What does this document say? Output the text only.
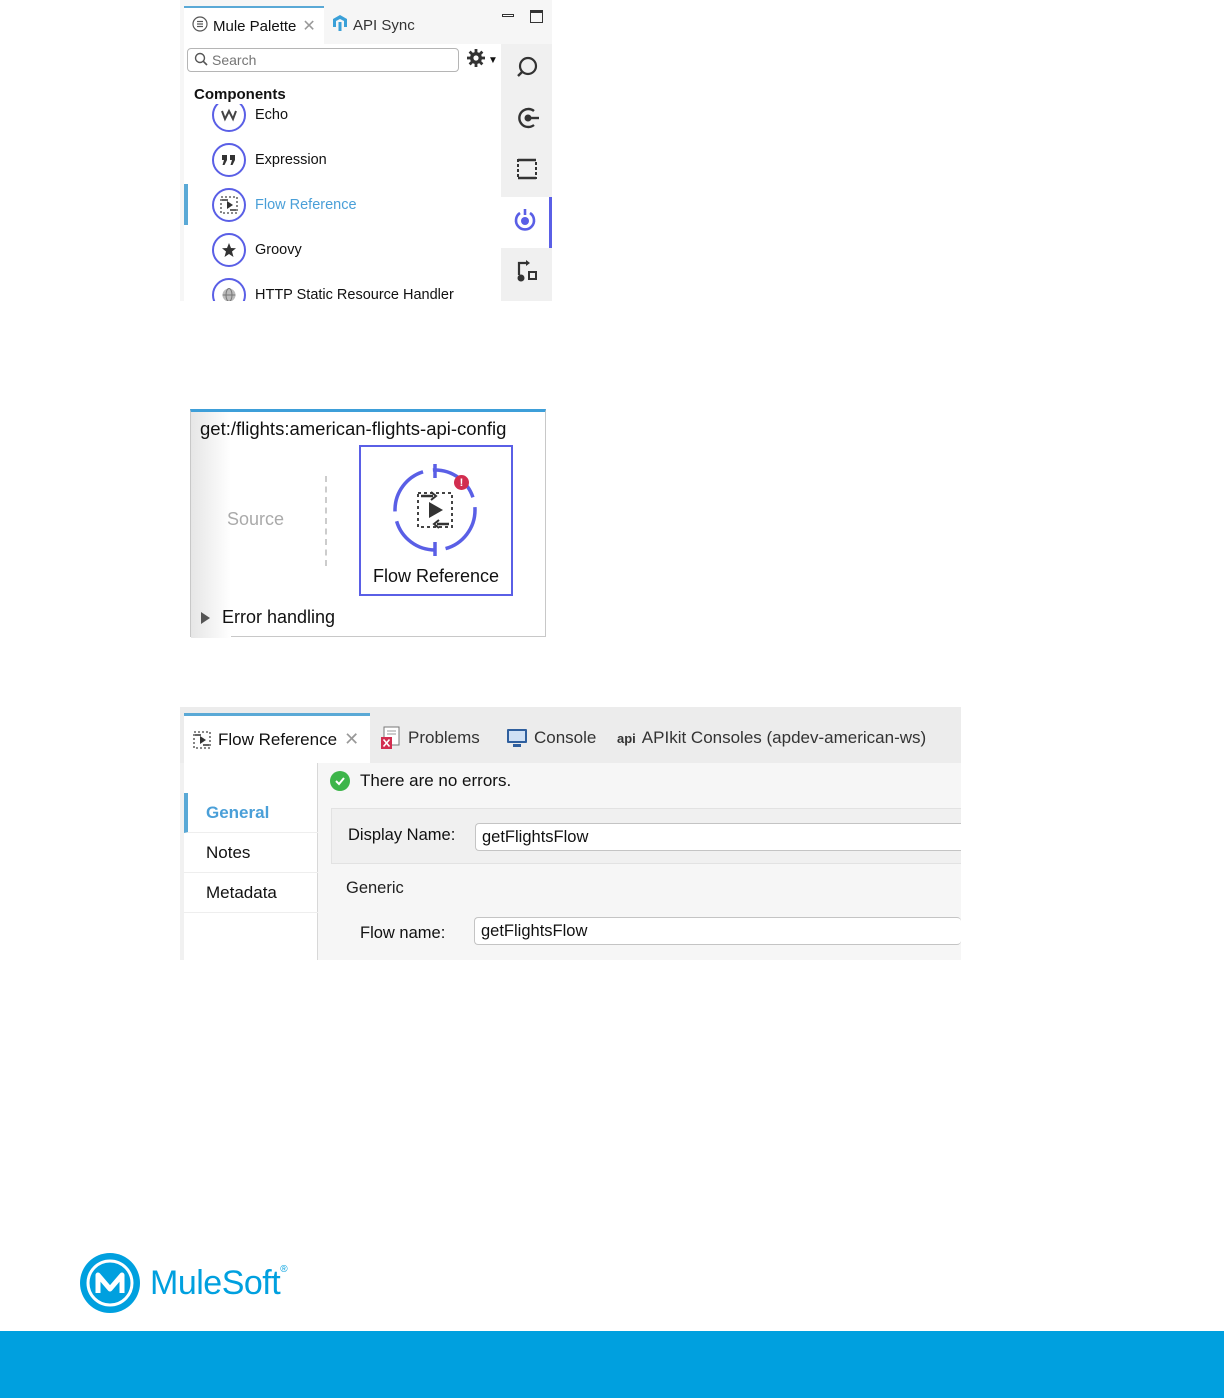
Mule Palette ✕ API Sync
Search
▼
Components
Echo
Expression
Flow Reference
Groovy
HTTP Static Resource Handler
get:/flights:american-flights-api-config
Source
!
Flow Reference
Error handling
Flow Reference ✕	Problems	Console api APIkit Consoles (apdev-american-ws)
General
Notes
Metadata
There are no errors.
Display Name:
getFlightsFlow
Generic
Flow name:
getFlightsFlow
MuleSoft®
